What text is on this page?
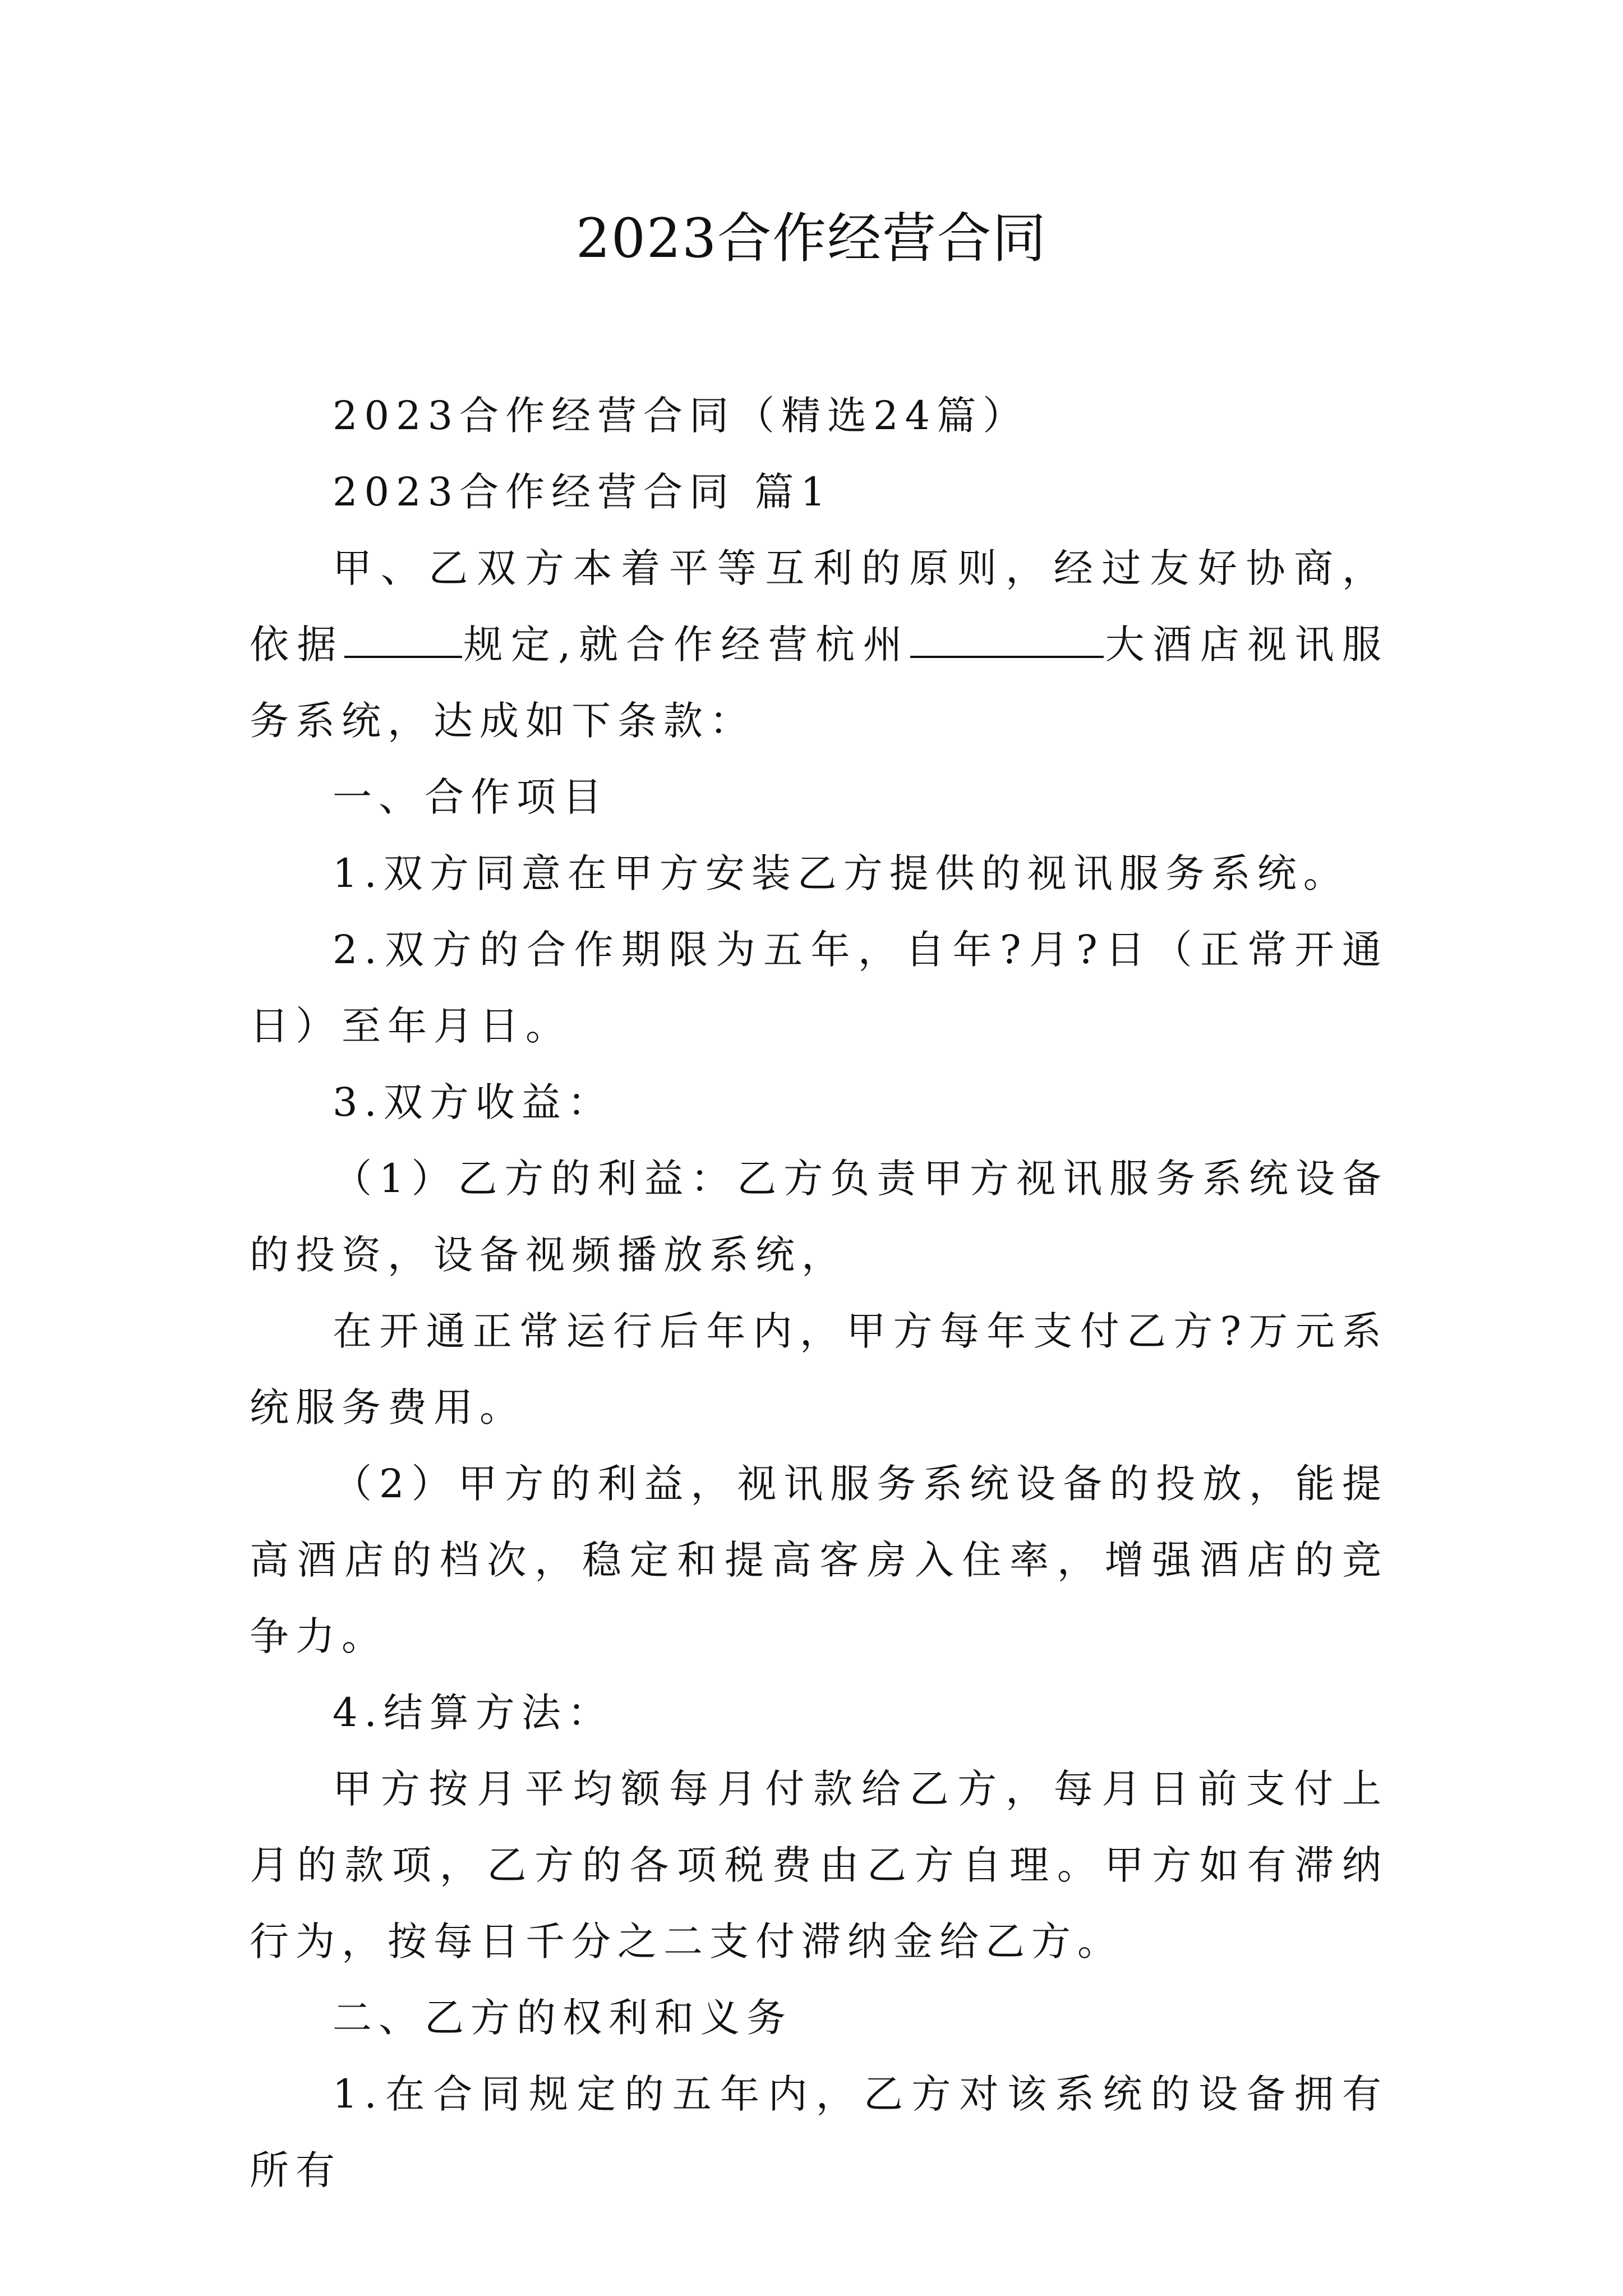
2023合作经营合同

2023合作经营合同（精选24篇）

2023合作经营合同 篇1

甲、乙双方本着平等互利的原则，经过友好协商，依据	规定,就合作经营杭州	大酒店视讯服务系统，达成如下条款：

一、合作项目

1.双方同意在甲方安装乙方提供的视讯服务系统。

2.双方的合作期限为五年，自年?月?日（正常开通日）至年月日。

3.双方收益：

（1）乙方的利益：乙方负责甲方视讯服务系统设备的投资，设备视频播放系统，

在开通正常运行后年内，甲方每年支付乙方?万元系统服务费用。

（2）甲方的利益，视讯服务系统设备的投放，能提高酒店的档次，稳定和提高客房入住率，增强酒店的竞争力。

4.结算方法：

甲方按月平均额每月付款给乙方，每月日前支付上月的款项，乙方的各项税费由乙方自理。甲方如有滞纳行为，按每日千分之二支付滞纳金给乙方。

二、乙方的权利和义务

1.在合同规定的五年内，乙方对该系统的设备拥有所有
